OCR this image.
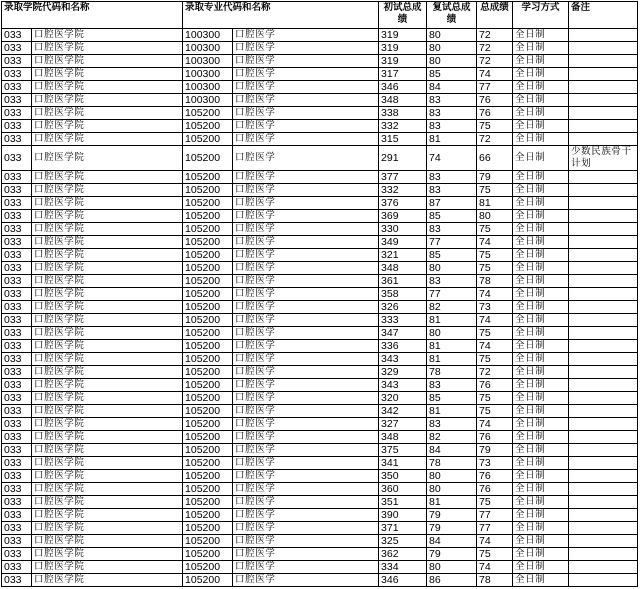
录取学院代码和名称		录取专业代码和名称		初试总成绩	复试总成绩	总成绩	学习方式	备注
033	口腔医学院	100300	口腔医学	319	80	72	全日制	
033	口腔医学院	100300	口腔医学	319	80	72	全日制	
033	口腔医学院	100300	口腔医学	319	80	72	全日制	
033	口腔医学院	100300	口腔医学	317	85	74	全日制	
033	口腔医学院	100300	口腔医学	346	84	77	全日制	
033	口腔医学院	100300	口腔医学	348	83	76	全日制	
033	口腔医学院	105200	口腔医学	338	83	76	全日制	
033	口腔医学院	105200	口腔医学	332	83	75	全日制	
033	口腔医学院	105200	口腔医学	315	81	72	全日制	
033	口腔医学院	105200	口腔医学	291	74	66	全日制	少数民族骨干计划
033	口腔医学院	105200	口腔医学	377	83	79	全日制	
033	口腔医学院	105200	口腔医学	332	83	75	全日制	
033	口腔医学院	105200	口腔医学	376	87	81	全日制	
033	口腔医学院	105200	口腔医学	369	85	80	全日制	
033	口腔医学院	105200	口腔医学	330	83	75	全日制	
033	口腔医学院	105200	口腔医学	349	77	74	全日制	
033	口腔医学院	105200	口腔医学	321	85	75	全日制	
033	口腔医学院	105200	口腔医学	348	80	75	全日制	
033	口腔医学院	105200	口腔医学	361	83	78	全日制	
033	口腔医学院	105200	口腔医学	358	77	74	全日制	
033	口腔医学院	105200	口腔医学	326	82	73	全日制	
033	口腔医学院	105200	口腔医学	333	81	74	全日制	
033	口腔医学院	105200	口腔医学	347	80	75	全日制	
033	口腔医学院	105200	口腔医学	336	81	74	全日制	
033	口腔医学院	105200	口腔医学	343	81	75	全日制	
033	口腔医学院	105200	口腔医学	329	78	72	全日制	
033	口腔医学院	105200	口腔医学	343	83	76	全日制	
033	口腔医学院	105200	口腔医学	320	85	75	全日制	
033	口腔医学院	105200	口腔医学	342	81	75	全日制	
033	口腔医学院	105200	口腔医学	327	83	74	全日制	
033	口腔医学院	105200	口腔医学	348	82	76	全日制	
033	口腔医学院	105200	口腔医学	375	84	79	全日制	
033	口腔医学院	105200	口腔医学	341	78	73	全日制	
033	口腔医学院	105200	口腔医学	350	80	76	全日制	
033	口腔医学院	105200	口腔医学	360	80	76	全日制	
033	口腔医学院	105200	口腔医学	351	81	75	全日制	
033	口腔医学院	105200	口腔医学	390	79	77	全日制	
033	口腔医学院	105200	口腔医学	371	79	77	全日制	
033	口腔医学院	105200	口腔医学	325	84	74	全日制	
033	口腔医学院	105200	口腔医学	362	79	75	全日制	
033	口腔医学院	105200	口腔医学	334	80	74	全日制	
033	口腔医学院	105200	口腔医学	346	86	78	全日制	
